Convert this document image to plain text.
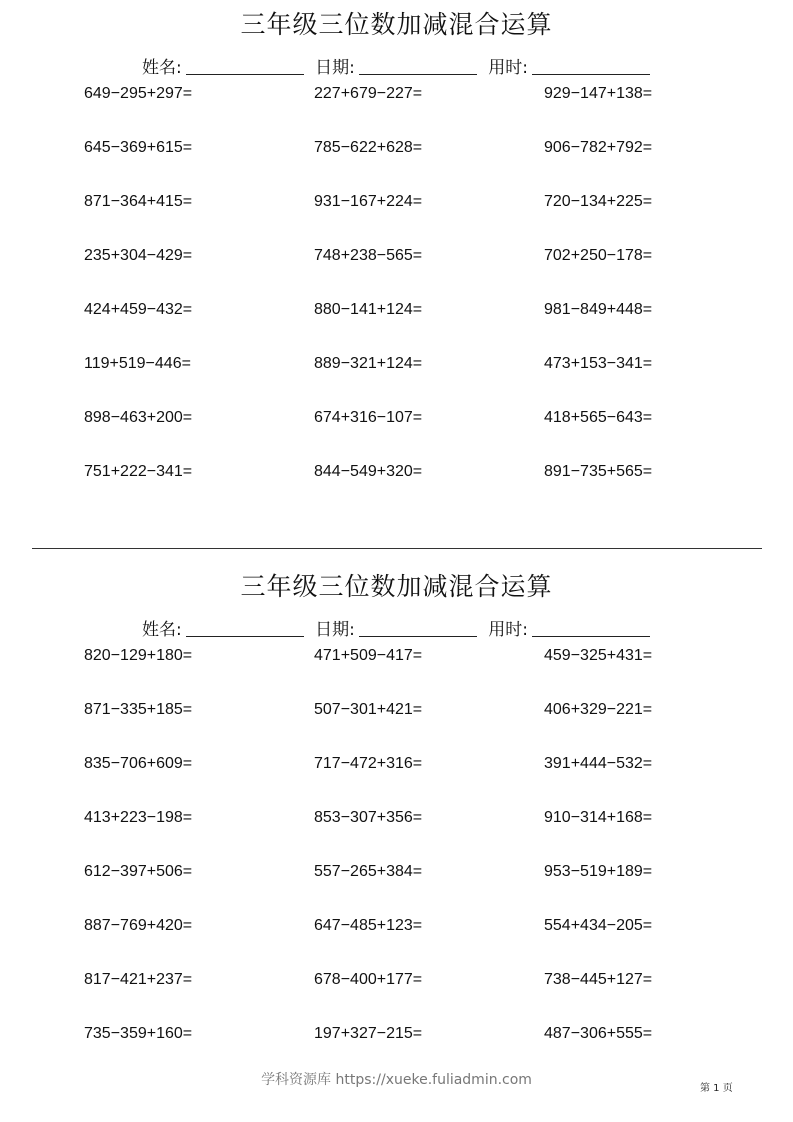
三年级三位数加减混合运算
姓名:	日期:	用时:
649−295+297=	227+679−227=	929−147+138=
645−369+615=	785−622+628=	906−782+792=
871−364+415=	931−167+224=	720−134+225=
235+304−429=	748+238−565=	702+250−178=
424+459−432=	880−141+124=	981−849+448=
119+519−446=	889−321+124=	473+153−341=
898−463+200=	674+316−107=	418+565−643=
751+222−341=	844−549+320=	891−735+565=
三年级三位数加减混合运算
姓名:	日期:	用时:
820−129+180=	471+509−417=	459−325+431=
871−335+185=	507−301+421=	406+329−221=
835−706+609=	717−472+316=	391+444−532=
413+223−198=	853−307+356=	910−314+168=
612−397+506=	557−265+384=	953−519+189=
887−769+420=	647−485+123=	554+434−205=
817−421+237=	678−400+177=	738−445+127=
735−359+160=	197+327−215=	487−306+555=
学科资源库 https://xueke.fuliadmin.com
第 1 页
